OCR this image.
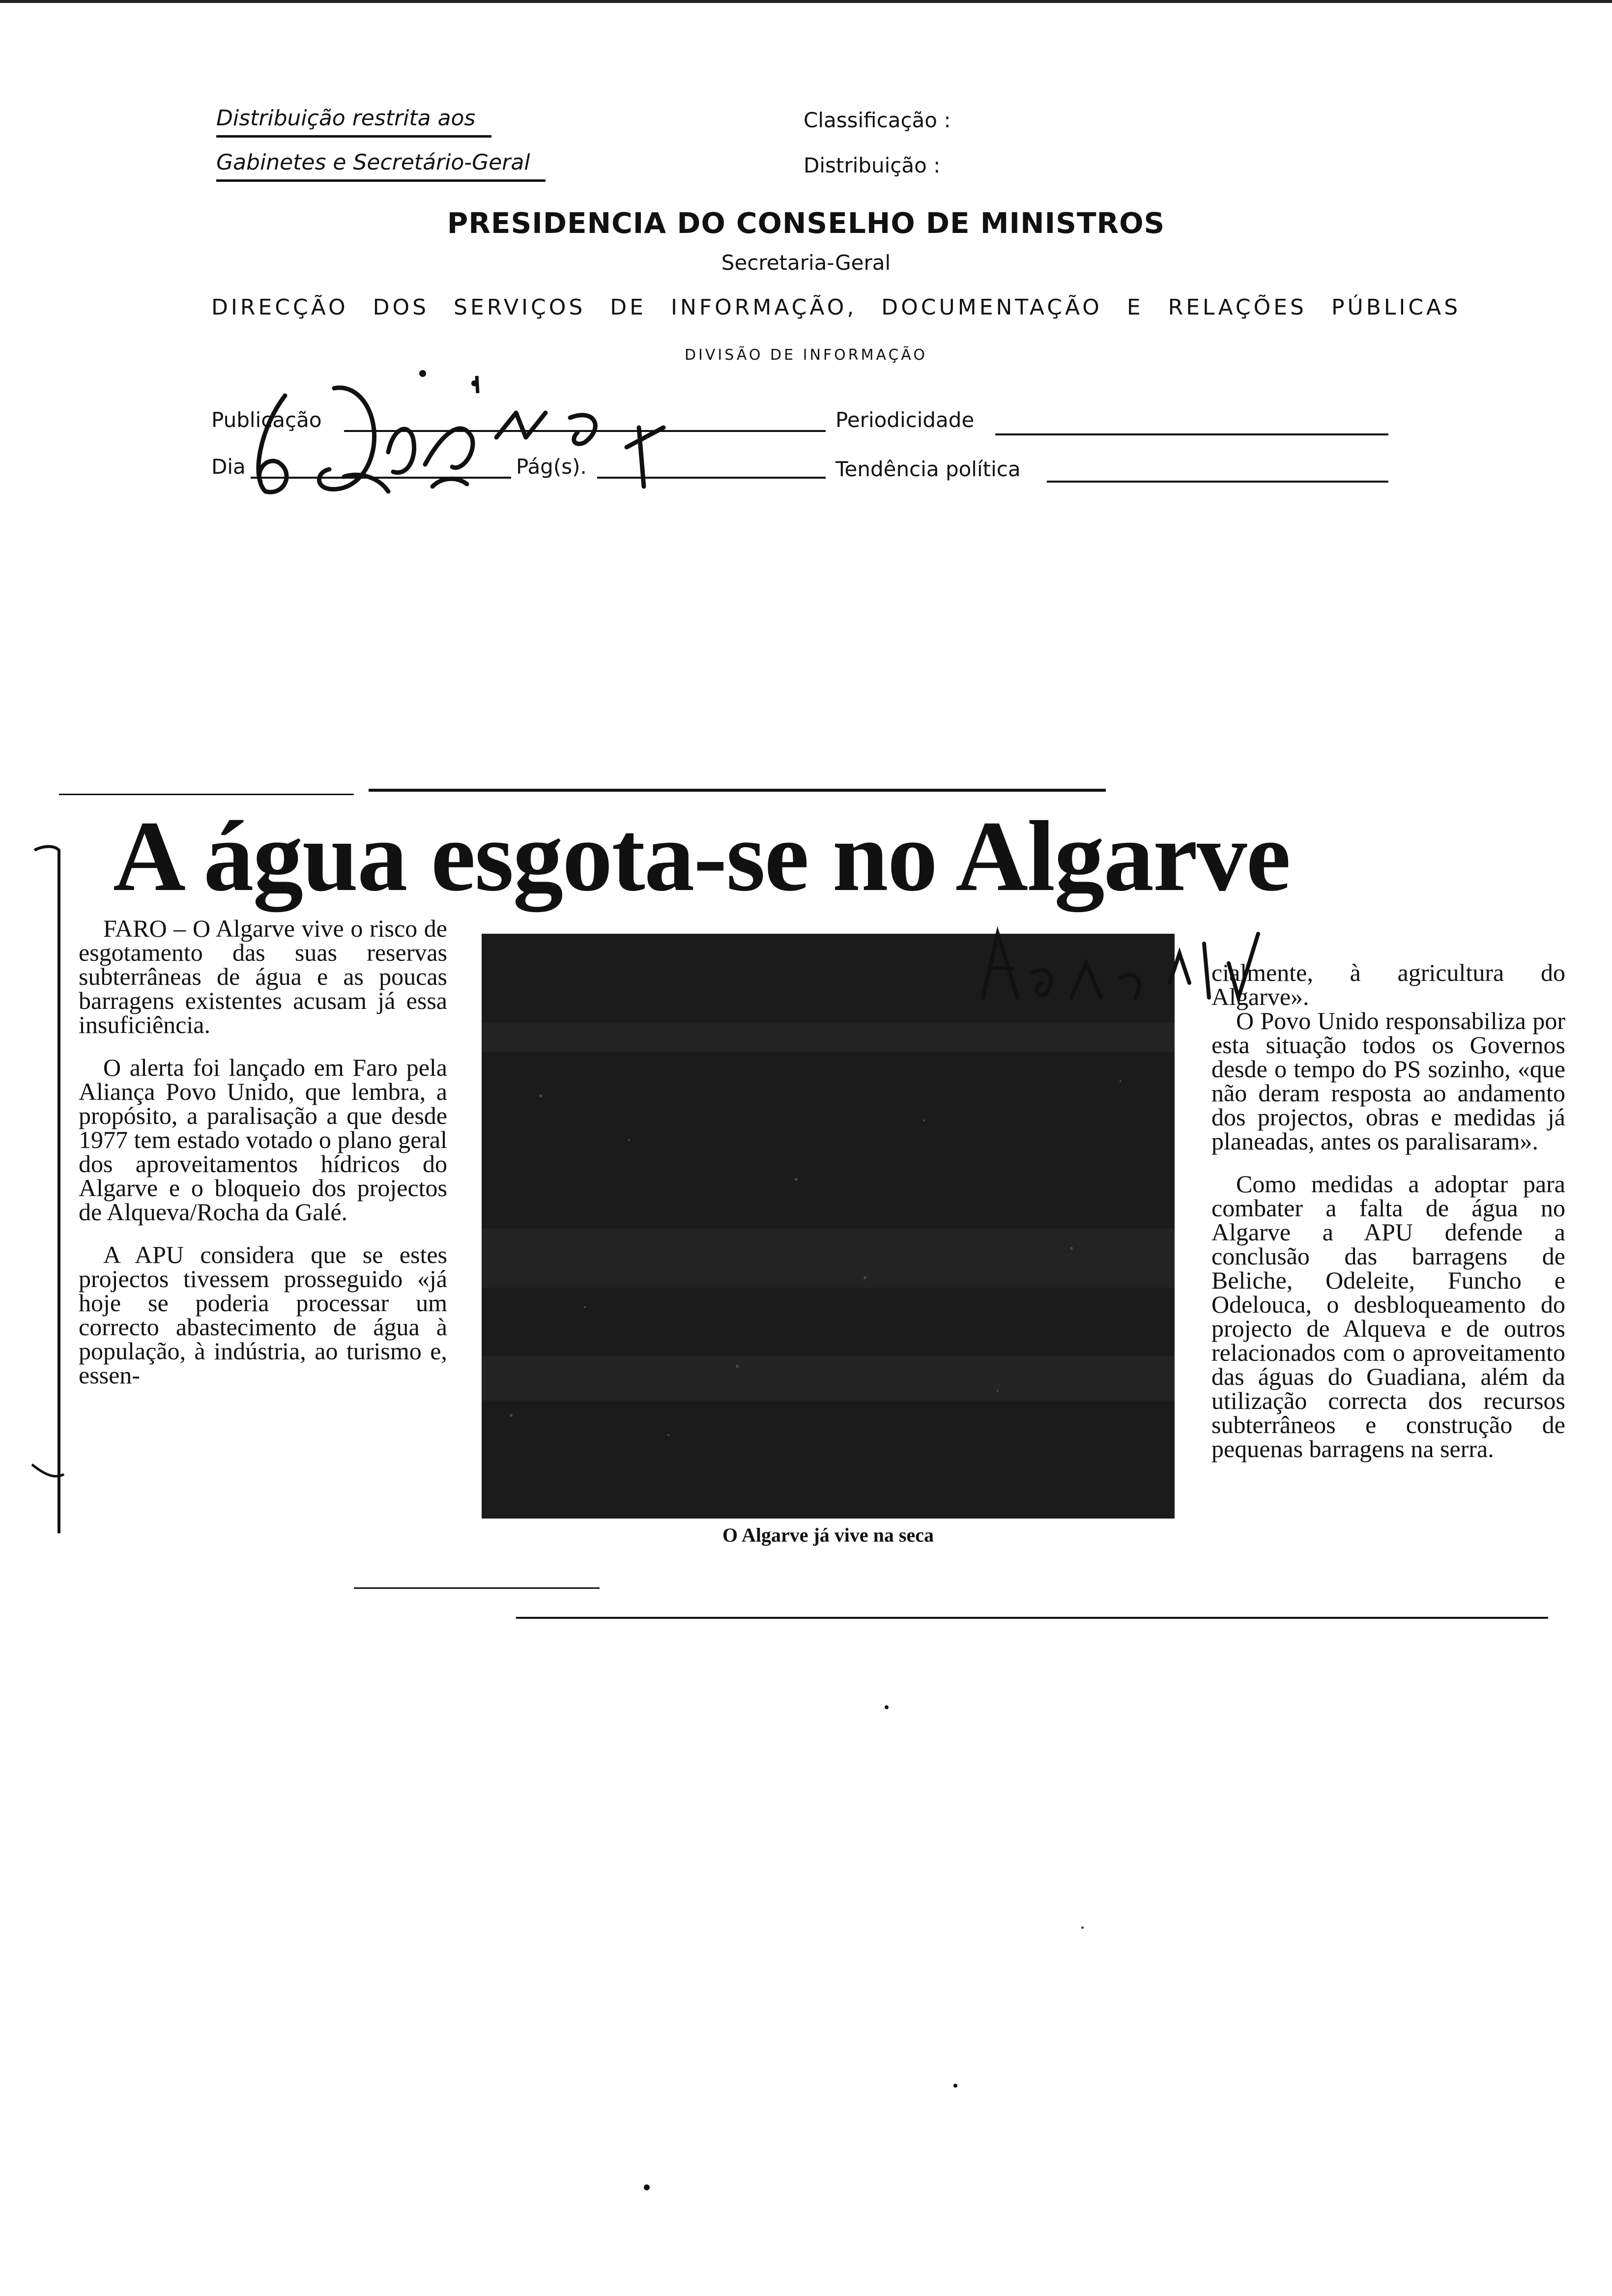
Distribuição restrita aos
Gabinetes e Secretário-Geral
Classificação :
Distribuição :
PRESIDENCIA DO CONSELHO DE MINISTROS
Secretaria-Geral
DIRECÇÃO DOS SERVIÇOS DE INFORMAÇÃO, DOCUMENTAÇÃO E RELAÇÕES PÚBLICAS
DIVISÃO DE INFORMAÇÃO
Publicação
Dia	Pág(s).
Periodicidade
Tendência política
A água esgota-se no Algarve

FARO – O Algarve vive o risco de esgotamento das suas reservas subterrâneas de água e as poucas barragens existentes acusam já essa insuficiência.

O alerta foi lançado em Faro pela Aliança Povo Unido, que lembra, a propósito, a paralisação a que desde 1977 tem estado votado o plano geral dos aproveitamentos hídricos do Algarve e o bloqueio dos projectos de Alqueva/Rocha da Galé.

A APU considera que se estes projectos tivessem prosseguido «já hoje se poderia processar um correcto abastecimento de água à população, à indústria, ao turismo e, essen-

O Algarve já vive na seca

cialmente, à agricultura do Algarve».

O Povo Unido responsabiliza por esta situação todos os Governos desde o tempo do PS sozinho, «que não deram resposta ao andamento dos projectos, obras e medidas já planeadas, antes os paralisaram».

Como medidas a adoptar para combater a falta de água no Algarve a APU defende a conclusão das barragens de Beliche, Odeleite, Funcho e Odelouca, o desbloqueamento do projecto de Alqueva e de outros relacionados com o aproveitamento das águas do Guadiana, além da utilização correcta dos recursos subterrâneos e construção de pequenas barragens na serra.
